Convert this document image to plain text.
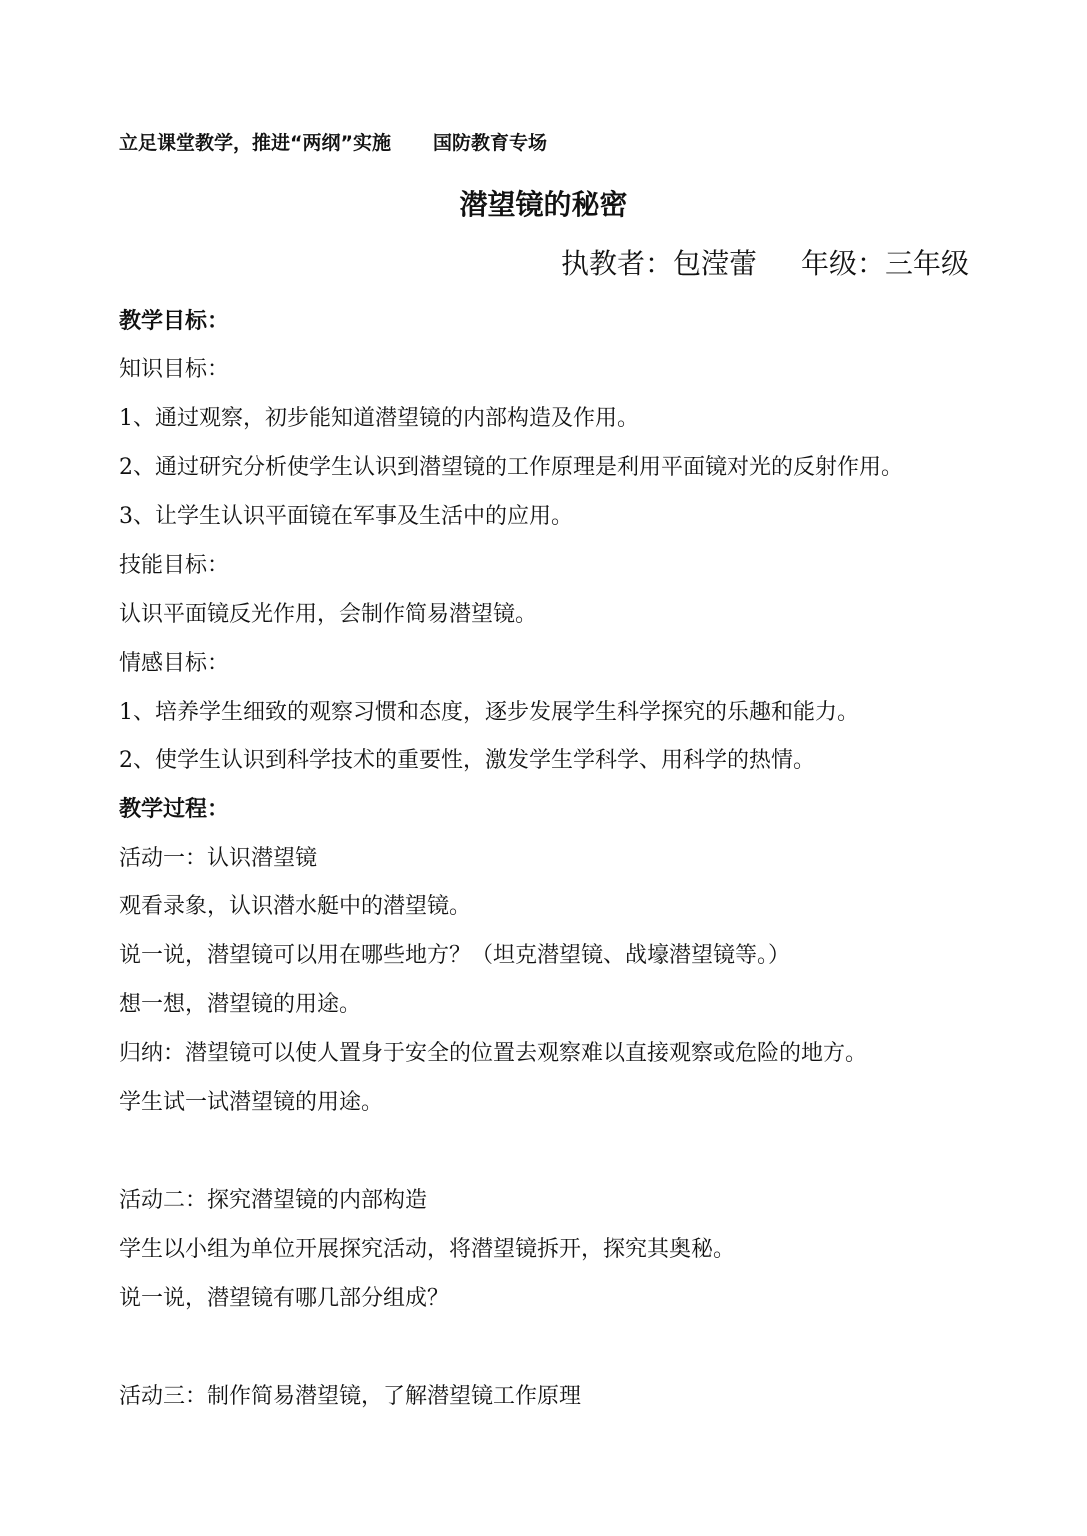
立足课堂教学，推进“两纲”实施 国防教育专场
潜望镜的秘密
执教者：包滢蕾 年级：三年级
教学目标：
知识目标：
1、通过观察，初步能知道潜望镜的内部构造及作用。
2、通过研究分析使学生认识到潜望镜的工作原理是利用平面镜对光的反射作用。
3、让学生认识平面镜在军事及生活中的应用。
技能目标：
认识平面镜反光作用，会制作简易潜望镜。
情感目标：
1、培养学生细致的观察习惯和态度，逐步发展学生科学探究的乐趣和能力。
2、使学生认识到科学技术的重要性，激发学生学科学、用科学的热情。
教学过程：
活动一：认识潜望镜
观看录象，认识潜水艇中的潜望镜。
说一说，潜望镜可以用在哪些地方？（坦克潜望镜、战壕潜望镜等。）
想一想，潜望镜的用途。
归纳：潜望镜可以使人置身于安全的位置去观察难以直接观察或危险的地方。
学生试一试潜望镜的用途。
活动二：探究潜望镜的内部构造
学生以小组为单位开展探究活动，将潜望镜拆开，探究其奥秘。
说一说，潜望镜有哪几部分组成？
活动三：制作简易潜望镜，了解潜望镜工作原理
